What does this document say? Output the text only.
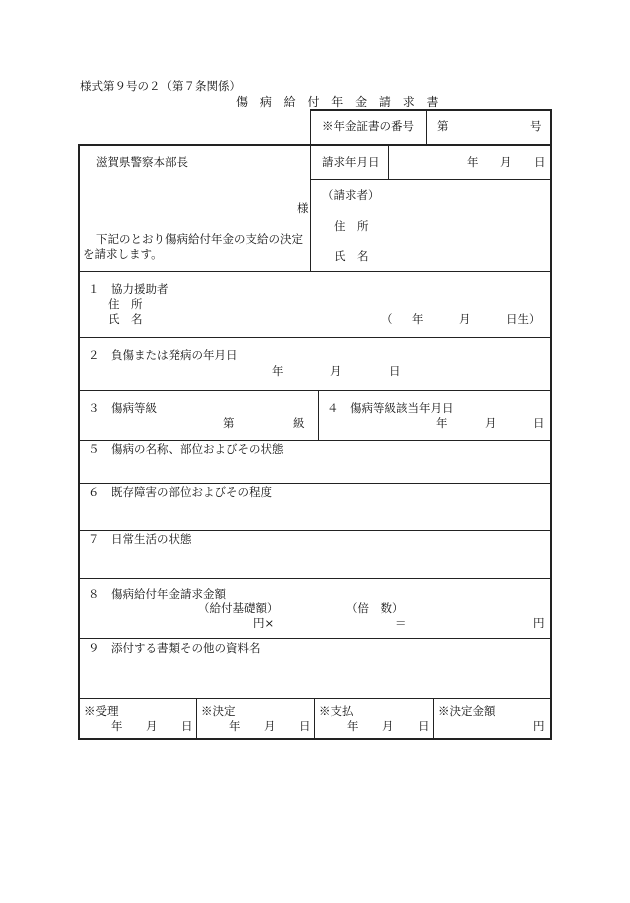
様式第９号の２（第７条関係）
傷 病 給 付 年 金 請 求 書
※年金証書の番号 第	号
滋賀県警察本部長
様
下記のとおり傷病給付年金の支給の決定
を請求します。
請求年月日	年 月 日
（請求者）
住　所
氏　名
１　協力援助者
住　所
氏　名	（ 年	月	日生）
２　負傷または発病の年月日
年	月	日
３　傷病等級
第	級
４　傷病等級該当年月日
年	月	日
５　傷病の名称、部位およびその状態
６　既存障害の部位およびその程度
７　日常生活の状態
８　傷病給付年金請求金額
（給付基礎額）	（倍　数）
円×	＝	円
９　添付する書類その他の資料名
※受理
年 月 日
※決定
年 月 日
※支払
年 月 日
※決定金額
円
